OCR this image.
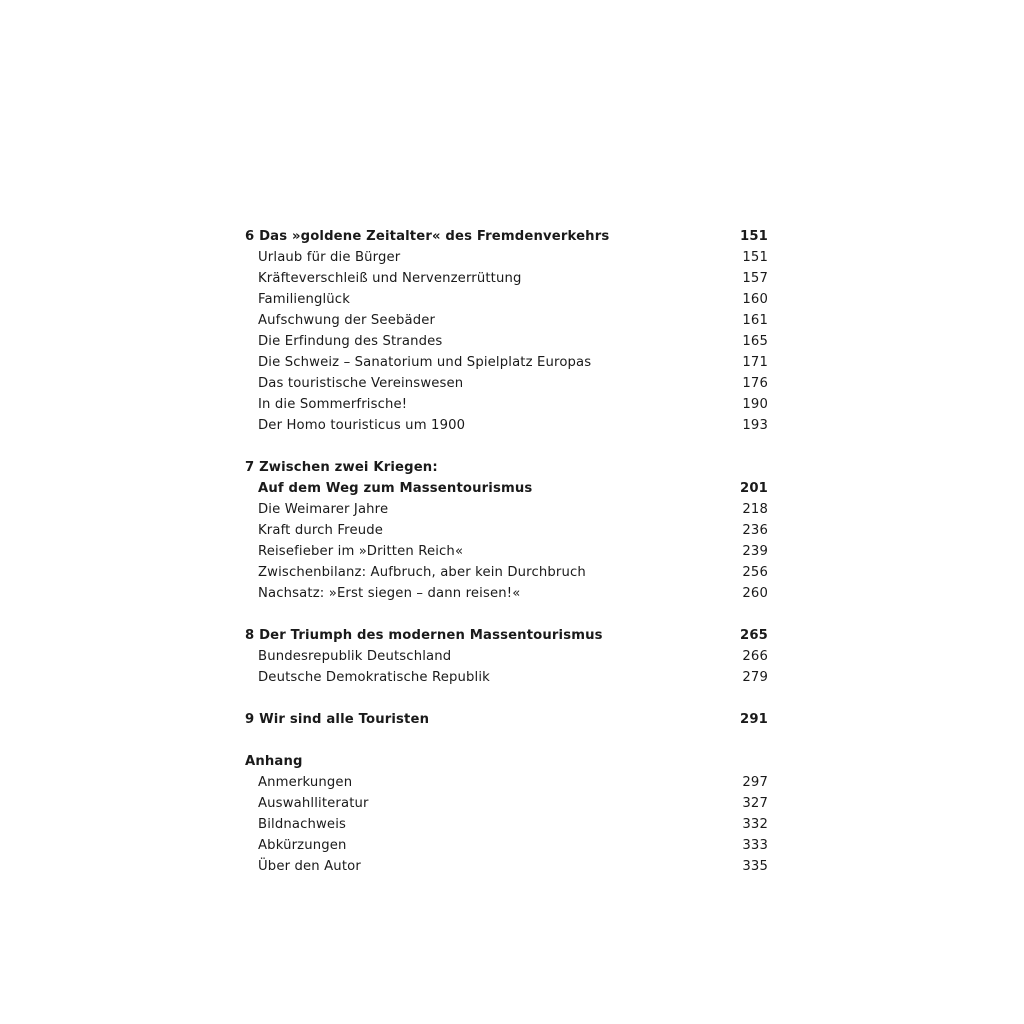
6 Das »goldene Zeitalter« des Fremdenverkehrs	151
Urlaub für die Bürger	151
Kräfteverschleiß und Nervenzerrüttung	157
Familienglück	160
Aufschwung der Seebäder	161
Die Erfindung des Strandes	165
Die Schweiz – Sanatorium und Spielplatz Europas	171
Das touristische Vereinswesen	176
In die Sommerfrische!	190
Der Homo touristicus um 1900	193
7 Zwischen zwei Kriegen:
Auf dem Weg zum Massentourismus	201
Die Weimarer Jahre	218
Kraft durch Freude	236
Reisefieber im »Dritten Reich«	239
Zwischenbilanz: Aufbruch, aber kein Durchbruch	256
Nachsatz: »Erst siegen – dann reisen!«	260
8 Der Triumph des modernen Massentourismus	265
Bundesrepublik Deutschland	266
Deutsche Demokratische Republik	279
9 Wir sind alle Touristen	291
Anhang
Anmerkungen	297
Auswahlliteratur	327
Bildnachweis	332
Abkürzungen	333
Über den Autor	335
